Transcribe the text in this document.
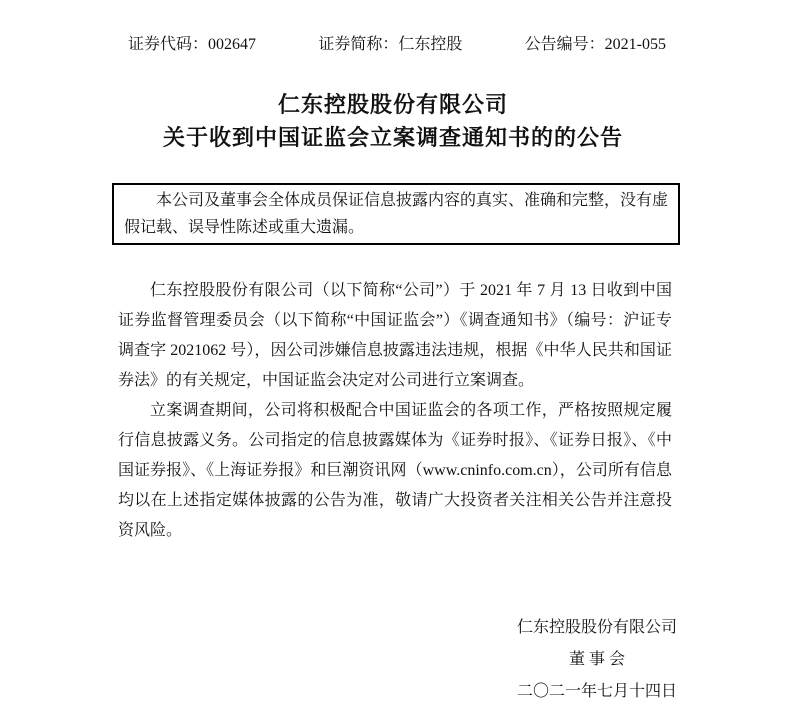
证券代码：002647	证券简称：仁东控股	公告编号：2021-055
仁东控股股份有限公司
关于收到中国证监会立案调查通知书的的公告
本公司及董事会全体成员保证信息披露内容的真实、准确和完整，没有虚假记载、误导性陈述或重大遗漏。

仁东控股股份有限公司（以下简称“公司”）于 2021 年 7 月 13 日收到中国证券监督管理委员会（以下简称“中国证监会”）《调查通知书》（编号：沪证专调查字 2021062 号），因公司涉嫌信息披露违法违规，根据《中华人民共和国证券法》的有关规定，中国证监会决定对公司进行立案调查。

立案调查期间，公司将积极配合中国证监会的各项工作，严格按照规定履行信息披露义务。公司指定的信息披露媒体为《证券时报》、《证券日报》、《中国证券报》、《上海证券报》和巨潮资讯网（www.cninfo.com.cn），公司所有信息均以在上述指定媒体披露的公告为准，敬请广大投资者关注相关公告并注意投资风险。

仁东控股股份有限公司
董 事 会
二〇二一年七月十四日
